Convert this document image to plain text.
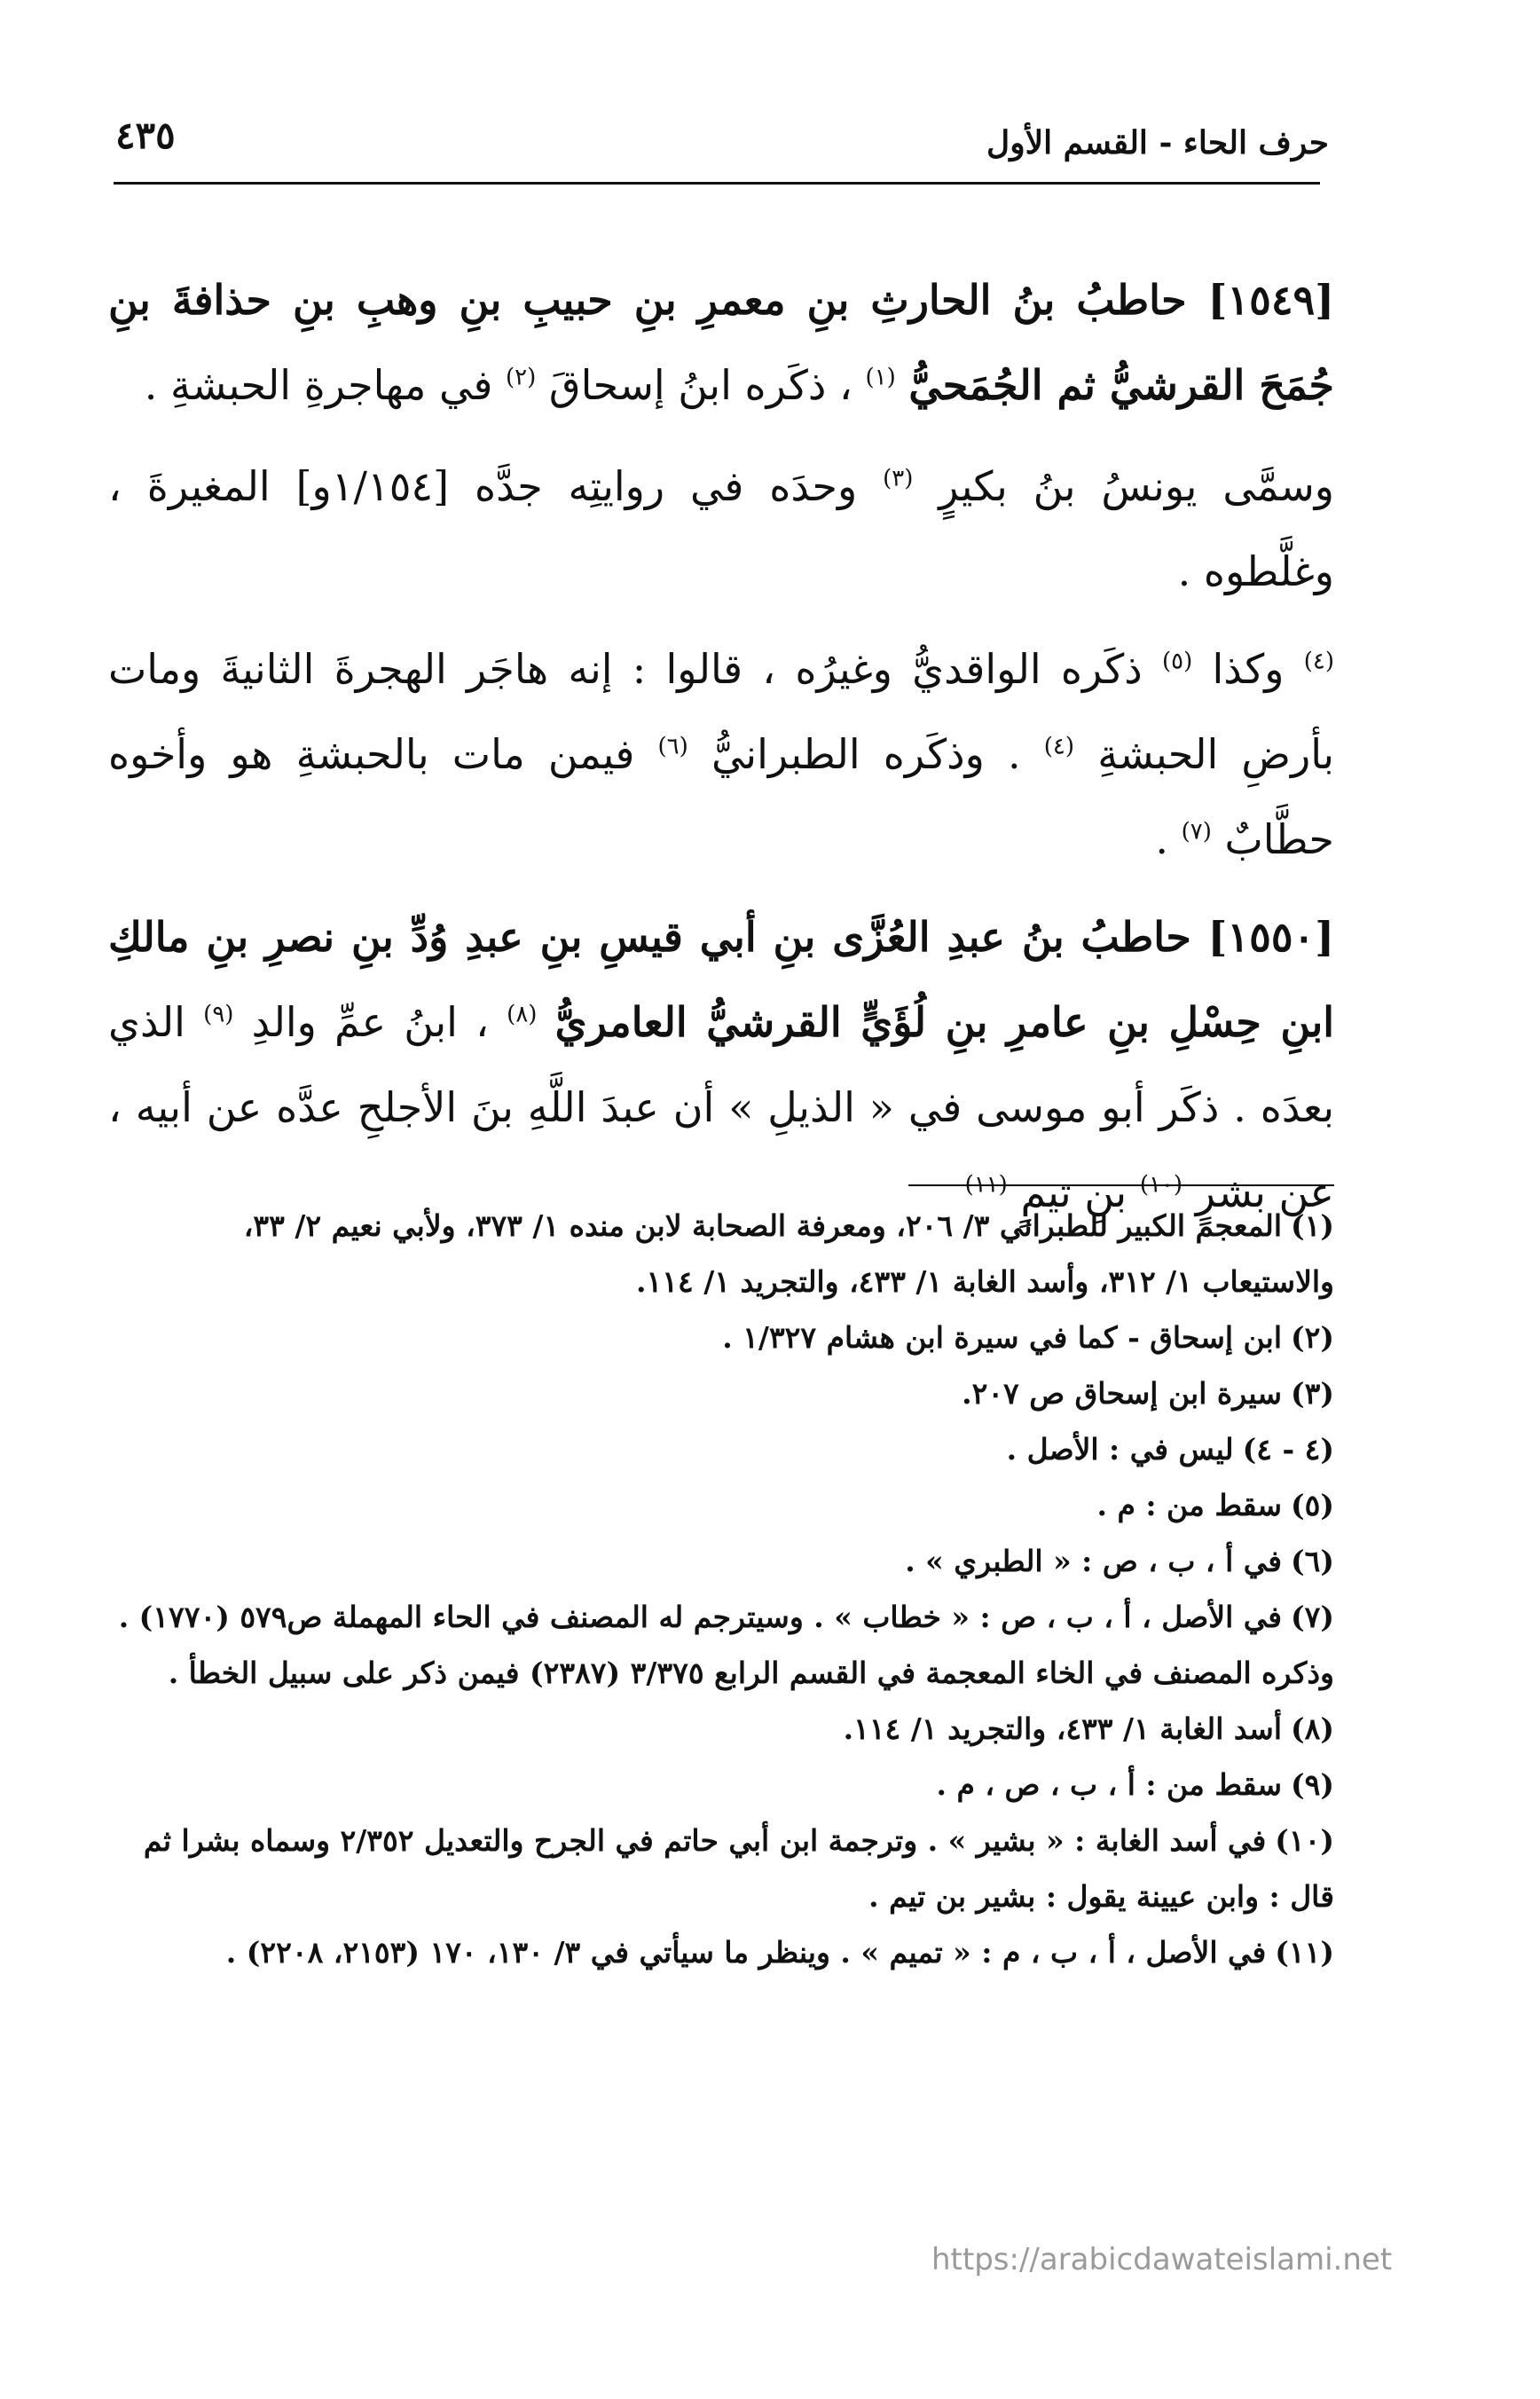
حرف الحاء - القسم الأول
٤٣٥

[١٥٤٩] حاطبُ بنُ الحارثِ بنِ معمرِ بنِ حبيبِ بنِ وهبِ بنِ حذافةَ بنِ جُمَحَ القرشيُّ ثم الجُمَحيُّ $^{(١)}$ ، ذكَره ابنُ إسحاقَ $^{(٢)}$ في مهاجرةِ الحبشةِ .

وسمَّى يونسُ بنُ بكيرٍ $^{(٣)}$ وحدَه في روايتِه جدَّه [١/١٥٤و] المغيرةَ ، وغلَّطوه .

$^{(٤)}$ وكذا $^{(٥)}$ ذكَره الواقديُّ وغيرُه ، قالوا : إنه هاجَر الهجرةَ الثانيةَ ومات بأرضِ الحبشةِ $^{(٤)}$ . وذكَره الطبرانيُّ $^{(٦)}$ فيمن مات بالحبشةِ هو وأخوه حطَّابٌ $^{(٧)}$ .

[١٥٥٠] حاطبُ بنُ عبدِ العُزَّى بنِ أبي قيسِ بنِ عبدِ وُدِّ بنِ نصرِ بنِ مالكِ ابنِ حِسْلِ بنِ عامرِ بنِ لُؤَيٍّ القرشيُّ العامريُّ $^{(٨)}$ ، ابنُ عمِّ والدِ $^{(٩)}$ الذي بعدَه . ذكَر أبو موسى في « الذيلِ » أن عبدَ اللَّهِ بنَ الأجلحِ عدَّه عن أبيه ، عن بشرٍ $^{(١٠)}$ بنِ تيمٍ $^{(١١)}$

(١)المعجم الكبير للطبراني ٣/ ٢٠٦، ومعرفة الصحابة لابن منده ١/ ٣٧٣، ولأبي نعيم ٢/ ٣٣، والاستيعاب ١/ ٣١٢، وأسد الغابة ١/ ٤٣٣، والتجريد ١/ ١١٤.

(٢)ابن إسحاق - كما في سيرة ابن هشام ١/٣٢٧ .

(٣)سيرة ابن إسحاق ص ٢٠٧.

(٤ - ٤)ليس في : الأصل .

(٥)سقط من : م .

(٦)في أ ، ب ، ص : « الطبري » .

(٧)في الأصل ، أ ، ب ، ص : « خطاب » . وسيترجم له المصنف في الحاء المهملة ص٥٧٩ (١٧٧٠) . وذكره المصنف في الخاء المعجمة في القسم الرابع ٣/٣٧٥ (٢٣٨٧) فيمن ذكر على سبيل الخطأ .

(٨)أسد الغابة ١/ ٤٣٣، والتجريد ١/ ١١٤.

(٩)سقط من : أ ، ب ، ص ، م .

(١٠)في أسد الغابة : « بشير » . وترجمة ابن أبي حاتم في الجرح والتعديل ٢/٣٥٢ وسماه بشرا ثم قال : وابن عيينة يقول : بشير بن تيم .

(١١)في الأصل ، أ ، ب ، م : « تميم » . وينظر ما سيأتي في ٣/ ١٣٠، ١٧٠ (٢١٥٣، ٢٢٠٨) .

https://arabicdawateislami.net
